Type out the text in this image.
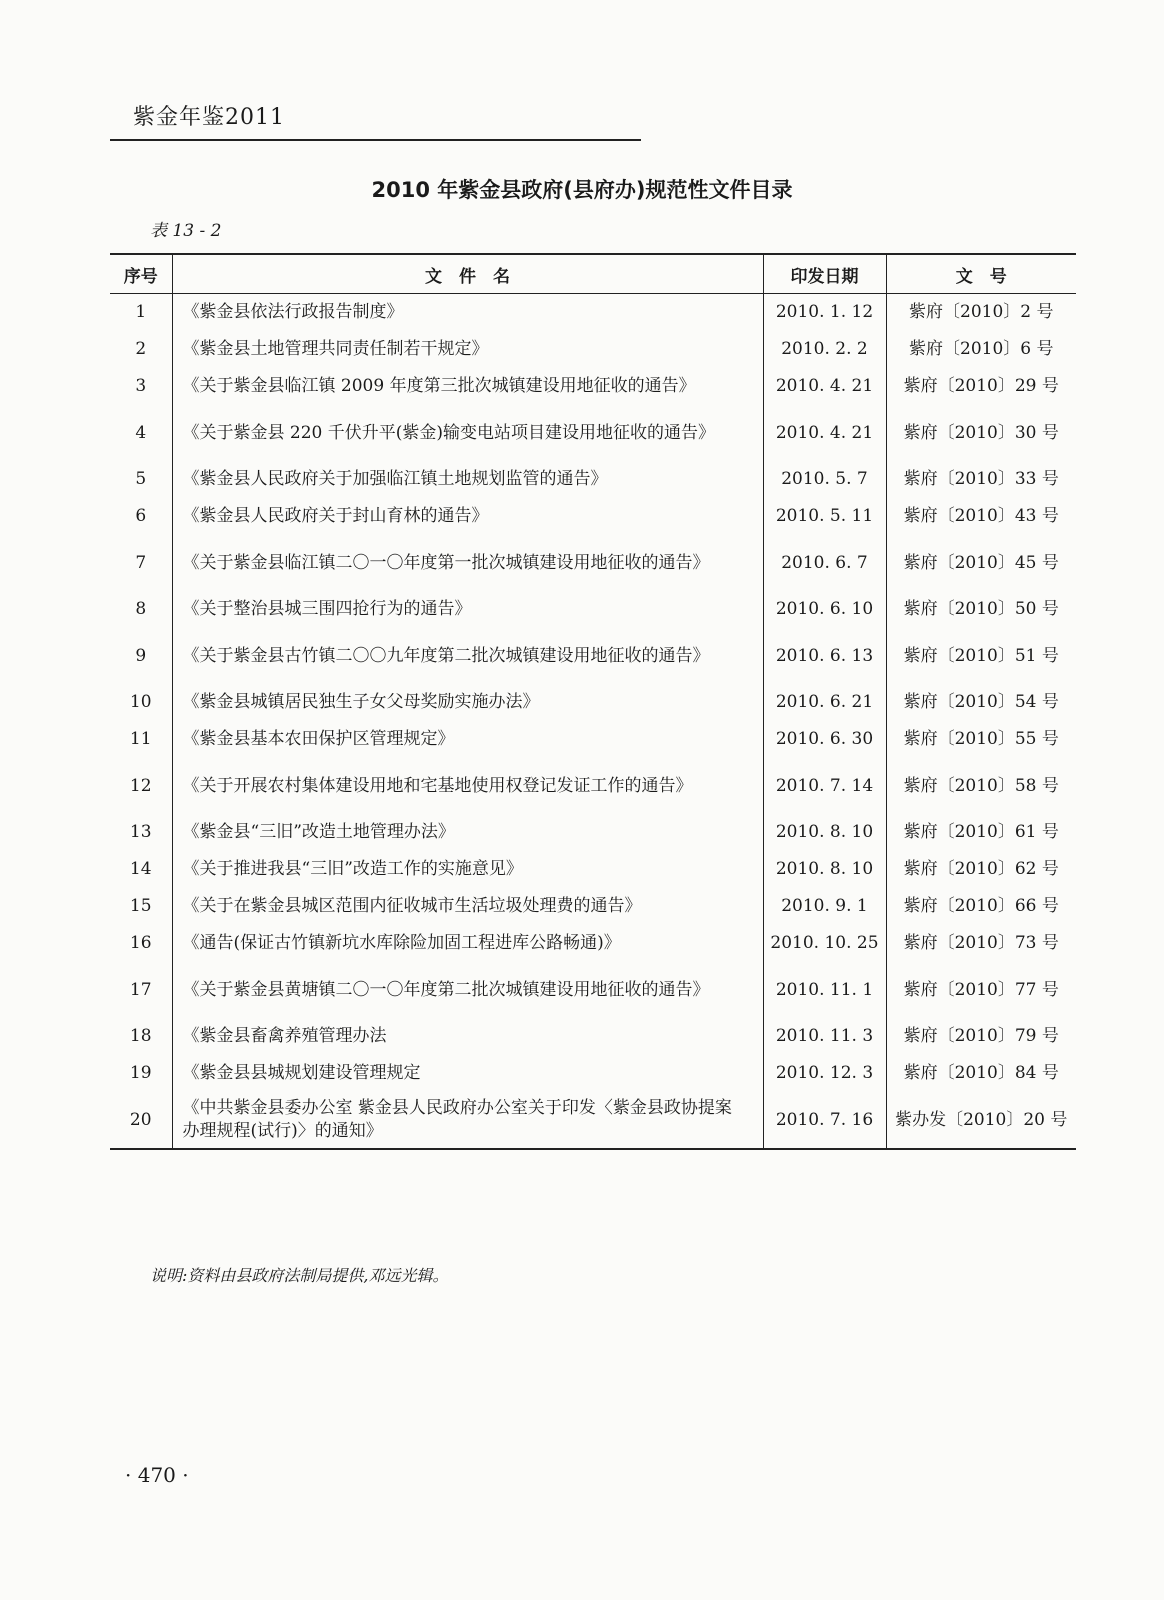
紫金年鉴2011
2010 年紫金县政府(县府办)规范性文件目录
表 13 - 2
序号	文　件　名	印发日期	文　号
1	《紫金县依法行政报告制度》	2010. 1. 12	紫府〔2010〕2 号
2	《紫金县土地管理共同责任制若干规定》	2010. 2. 2	紫府〔2010〕6 号
3	《关于紫金县临江镇 2009 年度第三批次城镇建设用地征收的通告》	2010. 4. 21	紫府〔2010〕29 号
4	《关于紫金县 220 千伏升平(紫金)输变电站项目建设用地征收的通告》	2010. 4. 21	紫府〔2010〕30 号
5	《紫金县人民政府关于加强临江镇土地规划监管的通告》	2010. 5. 7	紫府〔2010〕33 号
6	《紫金县人民政府关于封山育林的通告》	2010. 5. 11	紫府〔2010〕43 号
7	《关于紫金县临江镇二〇一〇年度第一批次城镇建设用地征收的通告》	2010. 6. 7	紫府〔2010〕45 号
8	《关于整治县城三围四抢行为的通告》	2010. 6. 10	紫府〔2010〕50 号
9	《关于紫金县古竹镇二〇〇九年度第二批次城镇建设用地征收的通告》	2010. 6. 13	紫府〔2010〕51 号
10	《紫金县城镇居民独生子女父母奖励实施办法》	2010. 6. 21	紫府〔2010〕54 号
11	《紫金县基本农田保护区管理规定》	2010. 6. 30	紫府〔2010〕55 号
12	《关于开展农村集体建设用地和宅基地使用权登记发证工作的通告》	2010. 7. 14	紫府〔2010〕58 号
13	《紫金县“三旧”改造土地管理办法》	2010. 8. 10	紫府〔2010〕61 号
14	《关于推进我县“三旧”改造工作的实施意见》	2010. 8. 10	紫府〔2010〕62 号
15	《关于在紫金县城区范围内征收城市生活垃圾处理费的通告》	2010. 9. 1	紫府〔2010〕66 号
16	《通告(保证古竹镇新坑水库除险加固工程进库公路畅通)》	2010. 10. 25	紫府〔2010〕73 号
17	《关于紫金县黄塘镇二〇一〇年度第二批次城镇建设用地征收的通告》	2010. 11. 1	紫府〔2010〕77 号
18	《紫金县畜禽养殖管理办法	2010. 11. 3	紫府〔2010〕79 号
19	《紫金县县城规划建设管理规定	2010. 12. 3	紫府〔2010〕84 号
20	《中共紫金县委办公室 紫金县人民政府办公室关于印发〈紫金县政协提案办理规程(试行)〉的通知》	2010. 7. 16	紫办发〔2010〕20 号
说明:资料由县政府法制局提供,邓远光辑。
· 470 ·
